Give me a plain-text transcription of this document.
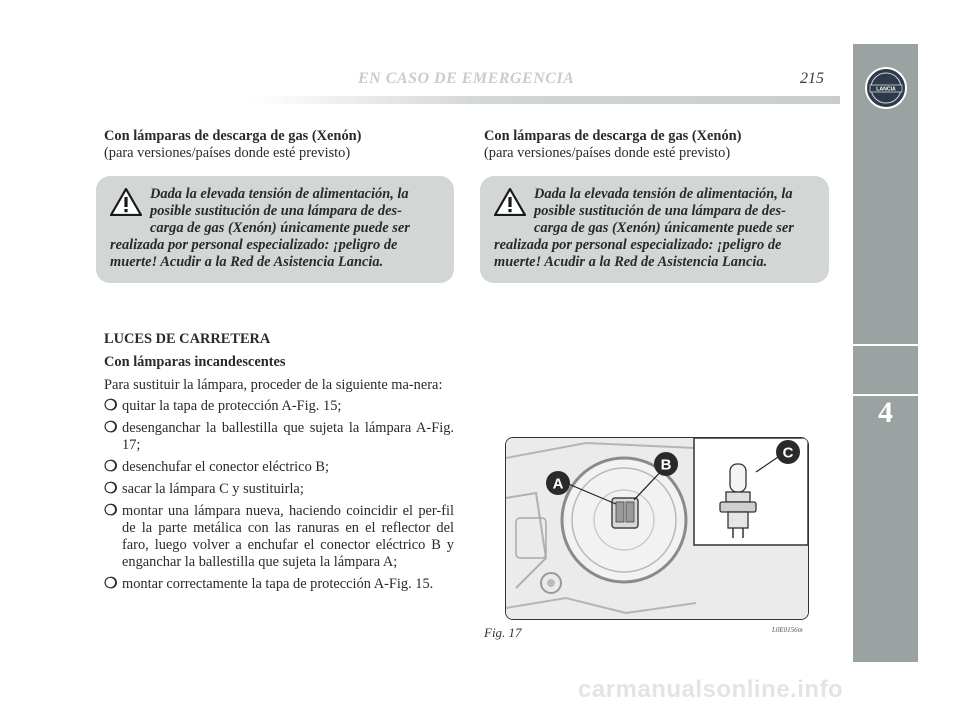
4
LANCIA
EN CASO DE EMERGENCIA	215

Con lámparas de descarga de gas (Xenón)

(para versiones/países donde esté previsto)

Dada la elevada tensión de alimentación, la

posible sustitución de una lámpara de des-

carga de gas (Xenón) únicamente puede ser

realizada por personal especializado: ¡peligro de

muerte! Acudir a la Red de Asistencia Lancia.

LUCES DE CARRETERA

Con lámparas incandescentes

Para sustituir la lámpara, proceder de la siguiente ma-nera:

❍ quitar la tapa de protección A-Fig. 15;
❍ desenganchar la ballestilla que sujeta la lámpara A-Fig. 17;
❍ desenchufar el conector eléctrico B;
❍ sacar la lámpara C y sustituirla;
❍ montar una lámpara nueva, haciendo coincidir el per-fil de la parte metálica con las ranuras en el reflector del faro, luego volver a enchufar el conector eléctrico B y enganchar la ballestilla que sujeta la lámpara A;
❍ montar correctamente la tapa de protección A-Fig. 15.

Con lámparas de descarga de gas (Xenón)

(para versiones/países donde esté previsto)

Dada la elevada tensión de alimentación, la

posible sustitución de una lámpara de des-

carga de gas (Xenón) únicamente puede ser

realizada por personal especializado: ¡peligro de

muerte! Acudir a la Red de Asistencia Lancia.

A
B
C
Fig. 17	L0E0156m
carmanualsonline.info
